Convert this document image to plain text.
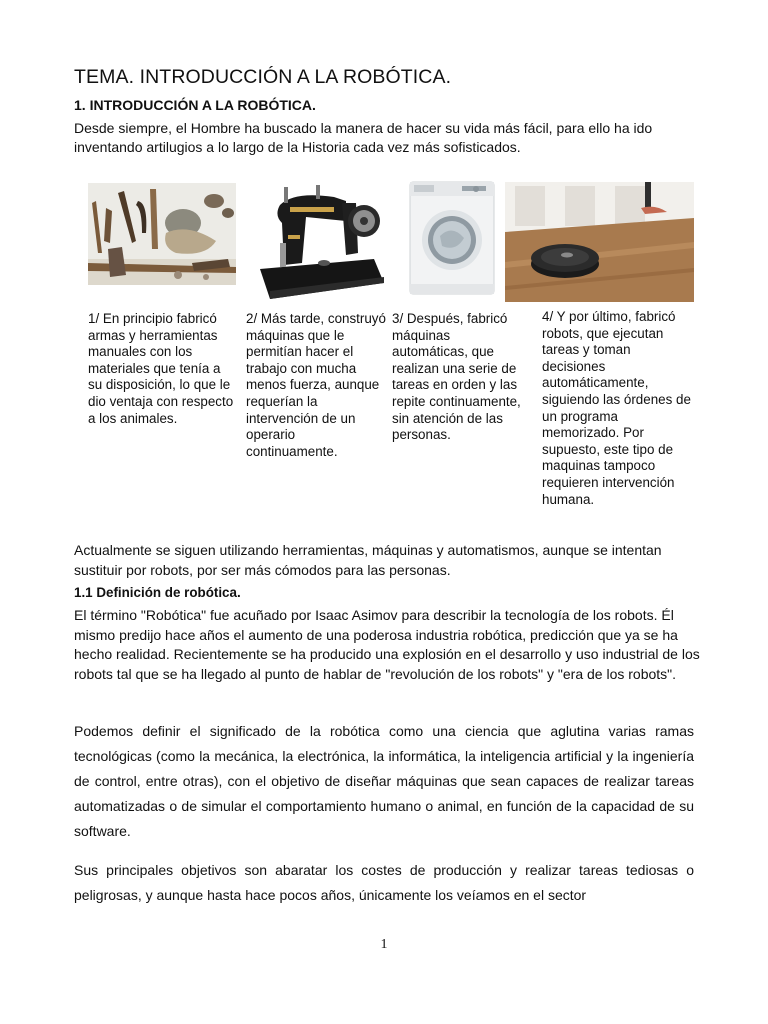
TEMA. INTRODUCCIÓN A LA ROBÓTICA.
1. INTRODUCCIÓN A LA ROBÓTICA.

Desde siempre, el Hombre ha buscado la manera de hacer su vida más fácil, para ello ha ido inventando artilugios a lo largo de la Historia cada vez más sofisticados.

1/ En principio fabricó armas y herramientas manuales con los materiales que tenía a su disposición, lo que le dio ventaja con respecto a los animales.

2/ Más tarde, construyó máquinas que le permitían hacer el trabajo con mucha menos fuerza, aunque requerían la intervención de un operario continuamente.

3/ Después, fabricó máquinas automáticas, que realizan una serie de tareas en orden y las repite continuamente, sin atención de las personas.

4/ Y por último, fabricó robots, que ejecutan tareas y toman decisiones automáticamente, siguiendo las órdenes de un programa memorizado. Por supuesto, este tipo de maquinas tampoco requieren intervención humana.

Actualmente se siguen utilizando herramientas, máquinas y automatismos, aunque se intentan sustituir por robots, por ser más cómodos para las personas.

1.1 Definición de robótica.

El término "Robótica" fue acuñado por Isaac Asimov para describir la tecnología de los robots. Él mismo predijo hace años el aumento de una poderosa industria robótica, predicción que ya se ha hecho realidad. Recientemente se ha producido una explosión en el desarrollo y uso industrial de los robots tal que se ha llegado al punto de hablar de "revolución de los robots" y "era de los robots".

Podemos definir el significado de la robótica como una ciencia que aglutina varias ramas tecnológicas (como la mecánica, la electrónica, la informática, la inteligencia artificial y la ingeniería de control, entre otras), con el objetivo de diseñar máquinas que sean capaces de realizar tareas automatizadas o de simular el comportamiento humano o animal, en función de la capacidad de su software.

Sus principales objetivos son abaratar los costes de producción y realizar tareas tediosas o peligrosas, y aunque hasta hace pocos años, únicamente los veíamos en el sector

1
